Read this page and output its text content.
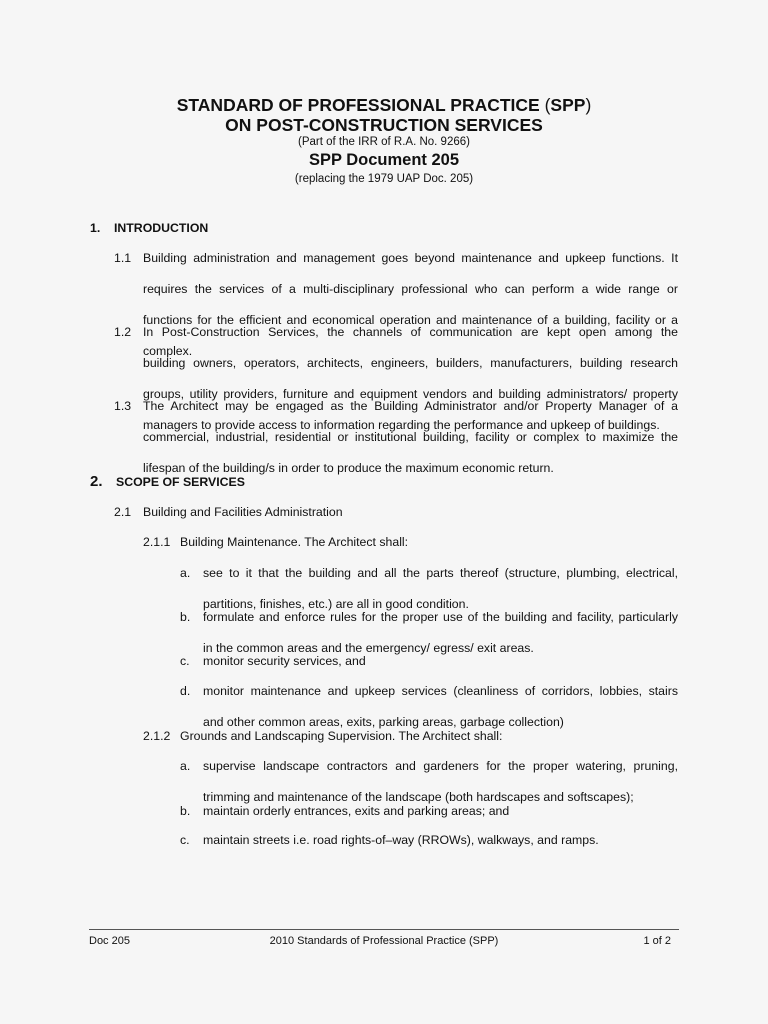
STANDARD OF PROFESSIONAL PRACTICE (SPP)
ON POST-CONSTRUCTION SERVICES
(Part of the IRR of R.A. No. 9266)
SPP Document 205
(replacing the 1979 UAP Doc. 205)
1. INTRODUCTION
1.1 Building administration and management goes beyond maintenance and upkeep functions. It
requires the services of a multi-disciplinary professional who can perform a wide range or
functions for the efficient and economical operation and maintenance of a building, facility or a
complex.
1.2 In Post-Construction Services, the channels of communication are kept open among the
building owners, operators, architects, engineers, builders, manufacturers, building research
groups, utility providers, furniture and equipment vendors and building administrators/ property
managers to provide access to information regarding the performance and upkeep of buildings.
1.3 The Architect may be engaged as the Building Administrator and/or Property Manager of a
commercial, industrial, residential or institutional building, facility or complex to maximize the
lifespan of the building/s in order to produce the maximum economic return.
2. SCOPE OF SERVICES
2.1 Building and Facilities Administration
2.1.1 Building Maintenance. The Architect shall:
a. see to it that the building and all the parts thereof (structure, plumbing, electrical,
partitions, finishes, etc.) are all in good condition.
b. formulate and enforce rules for the proper use of the building and facility, particularly
in the common areas and the emergency/ egress/ exit areas.
c. monitor security services, and
d. monitor maintenance and upkeep services (cleanliness of corridors, lobbies, stairs
and other common areas, exits, parking areas, garbage collection)
2.1.2 Grounds and Landscaping Supervision. The Architect shall:
a. supervise landscape contractors and gardeners for the proper watering, pruning,
trimming and maintenance of the landscape (both hardscapes and softscapes);
b. maintain orderly entrances, exits and parking areas; and
c. maintain streets i.e. road rights-of–way (RROWs), walkways, and ramps.
Doc 205	2010 Standards of Professional Practice (SPP)	1 of 2
